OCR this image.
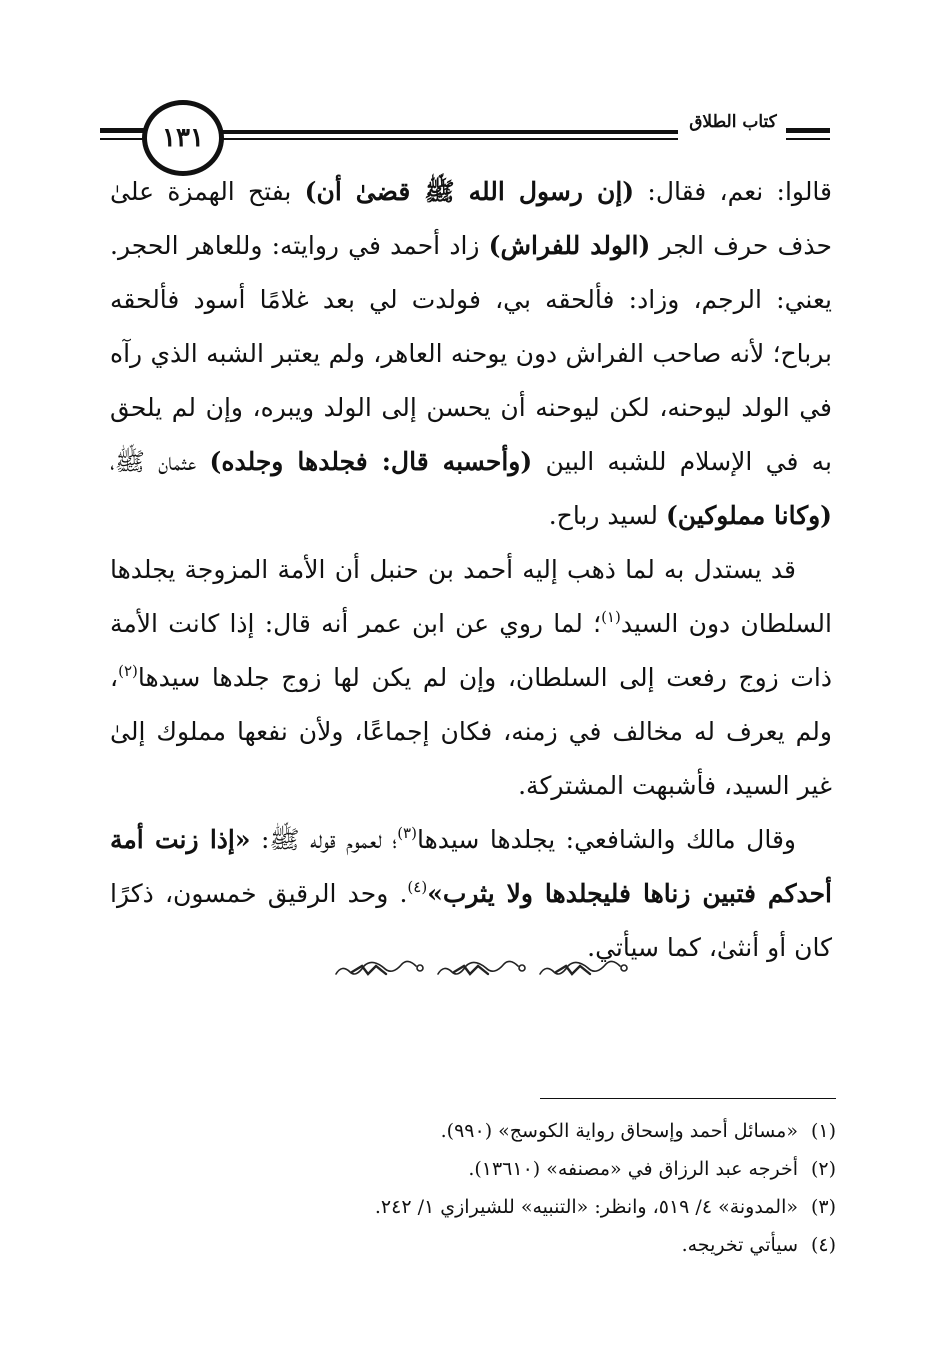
١٣١
كتاب الطلاق

قالوا: نعم، فقال: (إن رسول الله ﷺ قضىٰ أن) بفتح الهمزة علىٰ حذف حرف الجر (الولد للفراش) زاد أحمد في روايته: وللعاهر الحجر. يعني: الرجم، وزاد: فألحقه بي، فولدت لي بعد غلامًا أسود فألحقه برباح؛ لأنه صاحب الفراش دون يوحنه العاهر، ولم يعتبر الشبه الذي رآه في الولد ليوحنه، لكن ليوحنه أن يحسن إلى الولد ويبره، وإن لم يلحق به في الإسلام للشبه البين (وأحسبه قال: فجلدها وجلده) عثمان ﷺ، (وكانا مملوكين) لسيد رباح.

قد يستدل به لما ذهب إليه أحمد بن حنبل أن الأمة المزوجة يجلدها السلطان دون السيد$^{(١)}$؛ لما روي عن ابن عمر أنه قال: إذا كانت الأمة ذات زوج رفعت إلى السلطان، وإن لم يكن لها زوج جلدها سيدها$^{(٢)}$، ولم يعرف له مخالف في زمنه، فكان إجماعًا، ولأن نفعها مملوك إلىٰ غير السيد، فأشبهت المشتركة.

وقال مالك والشافعي: يجلدها سيدها$^{(٣)}$؛ لعموم قوله ﷺ: «إذا زنت أمة أحدكم فتبين زناها فليجلدها ولا يثرب»$^{(٤)}$. وحد الرقيق خمسون، ذكرًا كان أو أنثىٰ، كما سيأتي.

(١)«مسائل أحمد وإسحاق رواية الكوسج» (٩٩٠).
(٢)أخرجه عبد الرزاق في «مصنفه» (١٣٦١٠).
(٣)«المدونة» ٤/ ٥١٩، وانظر: «التنبيه» للشيرازي ١/ ٢٤٢.
(٤)سيأتي تخريجه.
